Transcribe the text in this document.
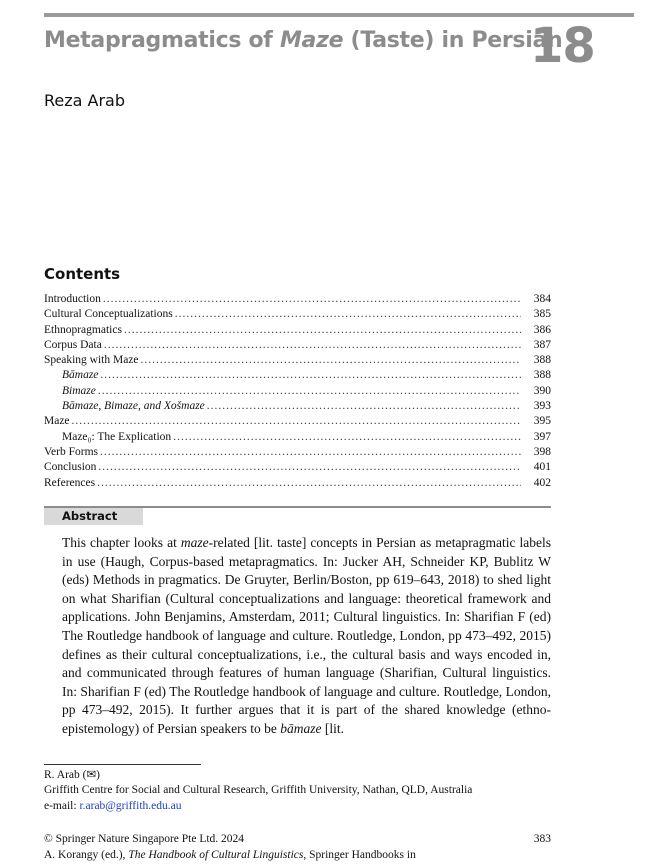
Metapragmatics of Maze (Taste) in Persian
18
Reza Arab
Contents
Introduction .....	384
Cultural Conceptualizations .....	385
Ethnopragmatics .....	386
Corpus Data .....	387
Speaking with Maze .....	388
Bāmaze .....	388
Bimaze .....	390
Bāmaze, Bimaze, and Xošmaze .....	393
Maze .....	395
Maze₀: The Explication .....	397
Verb Forms .....	398
Conclusion .....	401
References .....	402
Abstract
This chapter looks at maze-related [lit. taste] concepts in Persian as metapragmatic labels in use (Haugh, Corpus-based metapragmatics. In: Jucker AH, Schneider KP, Bublitz W (eds) Methods in pragmatics. De Gruyter, Berlin/Boston, pp 619–643, 2018) to shed light on what Sharifian (Cultural conceptualizations and language: theoretical framework and applications. John Benjamins, Amsterdam, 2011; Cultural linguistics. In: Sharifian F (ed) The Routledge handbook of language and culture. Routledge, London, pp 473–492, 2015) defines as their cultural conceptualizations, i.e., the cultural basis and ways encoded in, and communicated through features of human language (Sharifian, Cultural linguistics. In: Sharifian F (ed) The Routledge handbook of language and culture. Routledge, London, pp 473–492, 2015). It further argues that it is part of the shared knowledge (ethno-epistemology) of Persian speakers to be bāmaze [lit.
R. Arab (✉)
Griffith Centre for Social and Cultural Research, Griffith University, Nathan, QLD, Australia
e-mail: r.arab@griffith.edu.au
© Springer Nature Singapore Pte Ltd. 2024	383
A. Korangy (ed.), The Handbook of Cultural Linguistics, Springer Handbooks in
